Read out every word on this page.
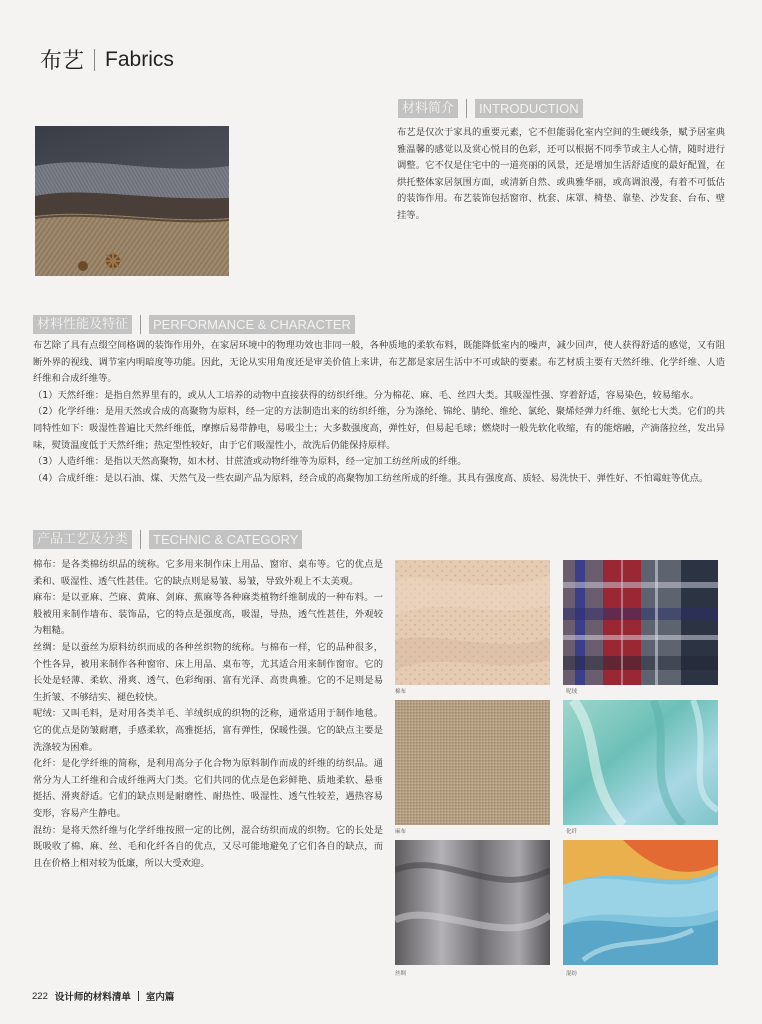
布艺 Fabrics
材料简介	INTRODUCTION

布艺是仅次于家具的重要元素，它不但能弱化室内空间的生硬线条，赋予居室典雅温馨的感觉以及赏心悦目的色彩，还可以根据不同季节或主人心情，随时进行调整。它不仅是住宅中的一道亮丽的风景，还是增加生活舒适度的最好配置，在烘托整体家居氛围方面，或清新自然、或典雅华丽，或高调浪漫，有着不可低估的装饰作用。布艺装饰包括窗帘、枕套、床罩、椅垫、靠垫、沙发套、台布、壁挂等。

材料性能及特征	PERFORMANCE & CHARACTER

布艺除了具有点缀空间格调的装饰作用外，在家居环境中的物理功效也非同一般，各种质地的柔软布料，既能降低室内的噪声，减少回声，使人获得舒适的感觉，又有阻断外界的视线、调节室内明暗度等功能。因此，无论从实用角度还是审美价值上来讲，布艺都是家居生活中不可或缺的要素。布艺材质主要有天然纤维、化学纤维、人造纤维和合成纤维等。

（1）天然纤维：是指自然界里有的，或从人工培养的动物中直接获得的纺织纤维。分为棉花、麻、毛、丝四大类。其吸湿性强、穿着舒适，容易染色，较易缩水。

（2）化学纤维：是用天然或合成的高聚物为原料，经一定的方法制造出来的纺织纤维，分为涤纶、锦纶、腈纶、维纶、氯纶、聚烯烃弹力纤维、氨纶七大类。它们的共同特性如下：吸湿性普遍比天然纤维低，摩擦后易带静电，易吸尘土；大多数强度高，弹性好，但易起毛球；燃烧时一般先软化收缩，有的能熔融，产滴落拉丝，发出异味，熨烫温度低于天然纤维；热定型性较好，由于它们吸湿性小，故洗后仍能保持原样。

（3）人造纤维：是指以天然高聚物，如木材、甘蔗渣或动物纤维等为原料，经一定加工纺丝所成的纤维。

（4）合成纤维：是以石油、煤、天然气及一些农副产品为原料，经合成的高聚物加工纺丝所成的纤维。其具有强度高、质轻、易洗快干、弹性好、不怕霉蛀等优点。

产品工艺及分类	TECHNIC & CATEGORY

棉布：是各类棉纺织品的统称。它多用来制作床上用品、窗帘、桌布等。它的优点是柔和、吸湿性、透气性甚佳。它的缺点则是易皱、易皱，导致外观上不太美观。

麻布：是以亚麻、苎麻、黄麻、剑麻、蕉麻等各种麻类植物纤维制成的一种布料。一般被用来制作墙布、装饰品，它的特点是强度高，吸湿，导热，透气性甚佳，外观较为粗糙。

丝绸：是以蚕丝为原料纺织而成的各种丝织物的统称。与棉布一样，它的品种很多，个性各异，被用来制作各种窗帘、床上用品、桌布等，尤其适合用来制作窗帘。它的长处是轻薄、柔软、滑爽、透气、色彩绚丽、富有光泽、高贵典雅。它的不足则是易生折皱、不够结实、褪色较快。

呢绒：又叫毛料，是对用各类羊毛、羊绒织成的织物的泛称，通常适用于制作地毯。它的优点是防皱耐磨，手感柔软，高雅挺括，富有弹性，保暖性强。它的缺点主要是洗涤较为困难。

化纤：是化学纤维的简称，是利用高分子化合物为原料制作而成的纤维的纺织品。通常分为人工纤维和合成纤维两大门类。它们共同的优点是色彩鲜艳、质地柔软、悬垂挺括、滑爽舒适。它们的缺点则是耐磨性、耐热性、吸湿性、透气性较差，遇热容易变形，容易产生静电。

混纺：是将天然纤维与化学纤维按照一定的比例，混合纺织而成的织物。它的长处是既吸收了棉、麻、丝、毛和化纤各自的优点，又尽可能地避免了它们各自的缺点，而且在价格上相对较为低廉，所以大受欢迎。

棉布	呢绒
麻布	化纤
丝绸	混纺
222 设计师的材料清单 室内篇
